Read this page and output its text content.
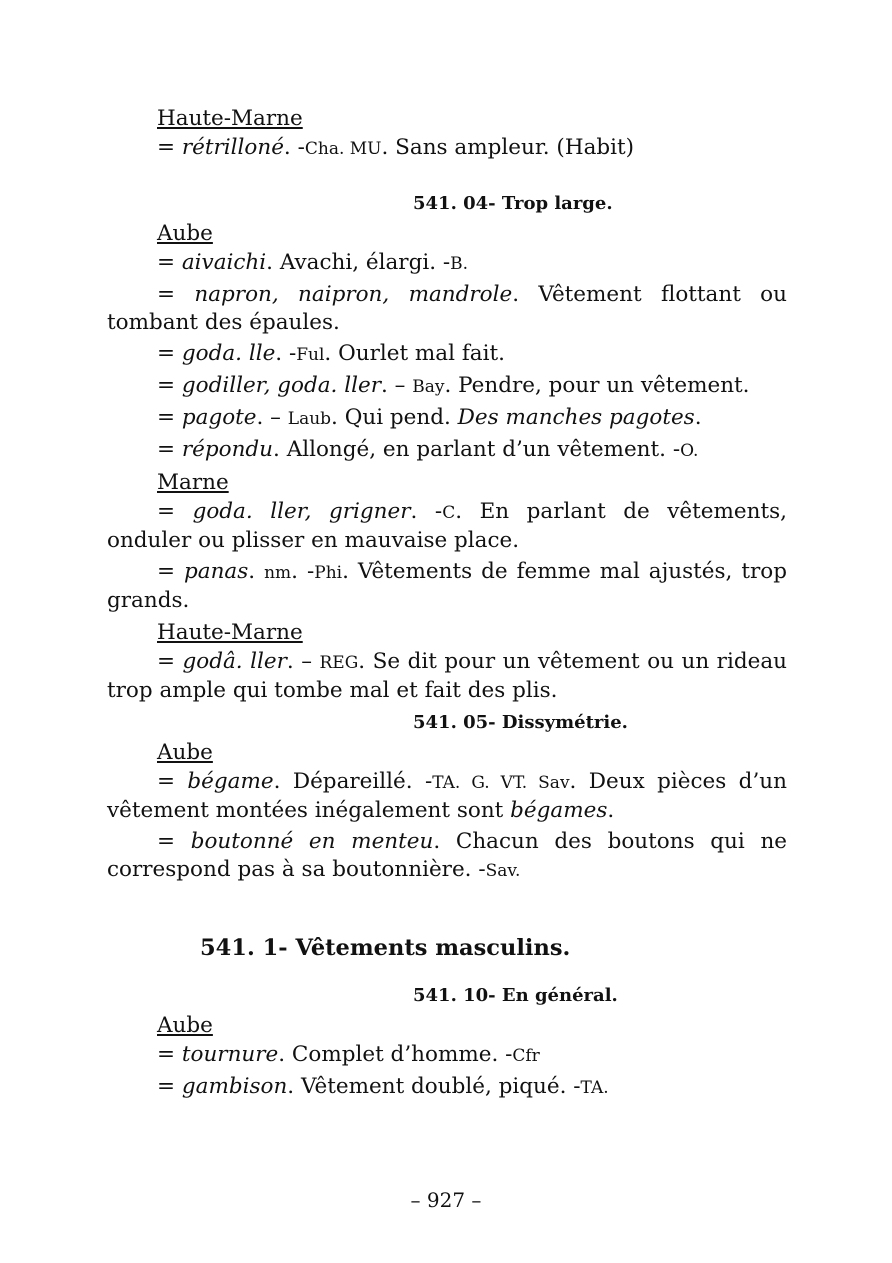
Haute-Marne
= rétrilloné. -Cha. MU. Sans ampleur. (Habit)
541. 04- Trop large.
Aube
= aivaichi. Avachi, élargi. -B.
= napron, naipron, mandrole. Vêtement flottant ou tombant des épaules.
= goda. lle. -Ful. Ourlet mal fait.
= godiller, goda. ller. – Bay. Pendre, pour un vêtement.
= pagote. – Laub. Qui pend. Des manches pagotes.
= répondu. Allongé, en parlant d’un vêtement. -O.
Marne
= goda. ller, grigner. -C. En parlant de vêtements, onduler ou plisser en mauvaise place.
= panas. nm. -Phi. Vêtements de femme mal ajustés, trop grands.
Haute-Marne
= godâ. ller. – REG. Se dit pour un vêtement ou un rideau trop ample qui tombe mal et fait des plis.
541. 05- Dissymétrie.
Aube
= bégame. Dépareillé. -TA. G. VT. Sav. Deux pièces d’un vêtement montées inégalement sont bégames.
= boutonné en menteu. Chacun des boutons qui ne correspond pas à sa boutonnière. -Sav.
541. 1- Vêtements masculins.
541. 10- En général.
Aube
= tournure. Complet d’homme. -Cfr
= gambison. Vêtement doublé, piqué. -TA.
– 927 –
